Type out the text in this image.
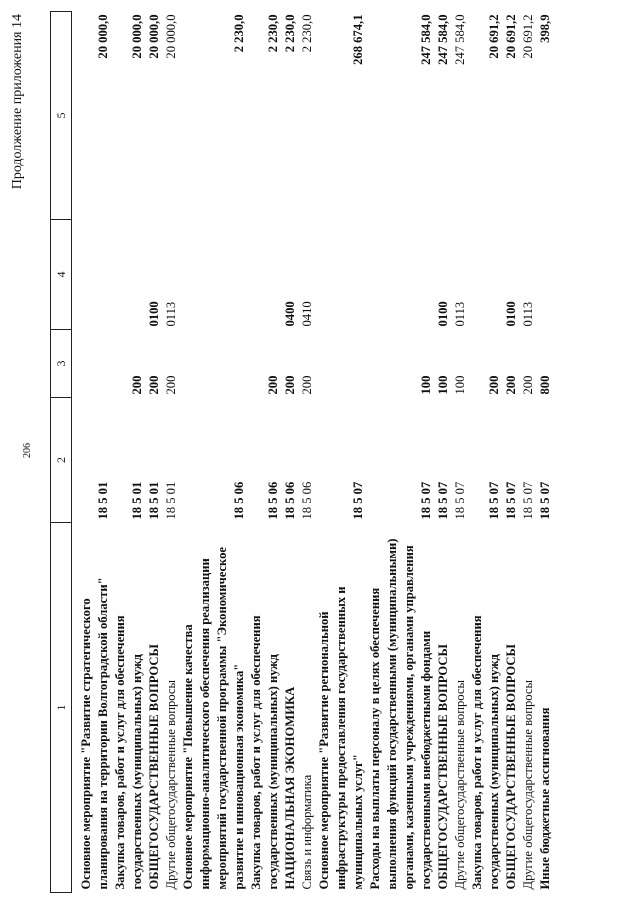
206
Продолжение приложения 14
1	2	3	4	5
Основное мероприятие "Развитие стратегического планирования на территории Волгоградской области"	18 5 01			20 000,0
Закупка товаров, работ и услуг для обеспечения государственных (муниципальных) нужд	18 5 01	200		20 000,0
ОБЩЕГОСУДАРСТВЕННЫЕ ВОПРОСЫ	18 5 01	200	0100	20 000,0
Другие общегосударственные вопросы	18 5 01	200	0113	20 000,0
Основное мероприятие "Повышение качества информационно-аналитического обеспечения реализации мероприятий государственной программы "Экономическое развитие и инновационная экономика"	18 5 06			2 230,0
Закупка товаров, работ и услуг для обеспечения государственных (муниципальных) нужд	18 5 06	200		2 230,0
НАЦИОНАЛЬНАЯ ЭКОНОМИКА	18 5 06	200	0400	2 230,0
Связь и информатика	18 5 06	200	0410	2 230,0
Основное мероприятие "Развитие региональной инфраструктуры предоставления государственных и муниципальных услуг"	18 5 07			268 674,1
Расходы на выплаты персоналу в целях обеспечения выполнения функций государственными (муниципальными) органами, казенными учреждениями, органами управления государственными внебюджетными фондами	18 5 07	100		247 584,0
ОБЩЕГОСУДАРСТВЕННЫЕ ВОПРОСЫ	18 5 07	100	0100	247 584,0
Другие общегосударственные вопросы	18 5 07	100	0113	247 584,0
Закупка товаров, работ и услуг для обеспечения государственных (муниципальных) нужд	18 5 07	200		20 691,2
ОБЩЕГОСУДАРСТВЕННЫЕ ВОПРОСЫ	18 5 07	200	0100	20 691,2
Другие общегосударственные вопросы	18 5 07	200	0113	20 691,2
Иные бюджетные ассигнования	18 5 07	800		398,9
